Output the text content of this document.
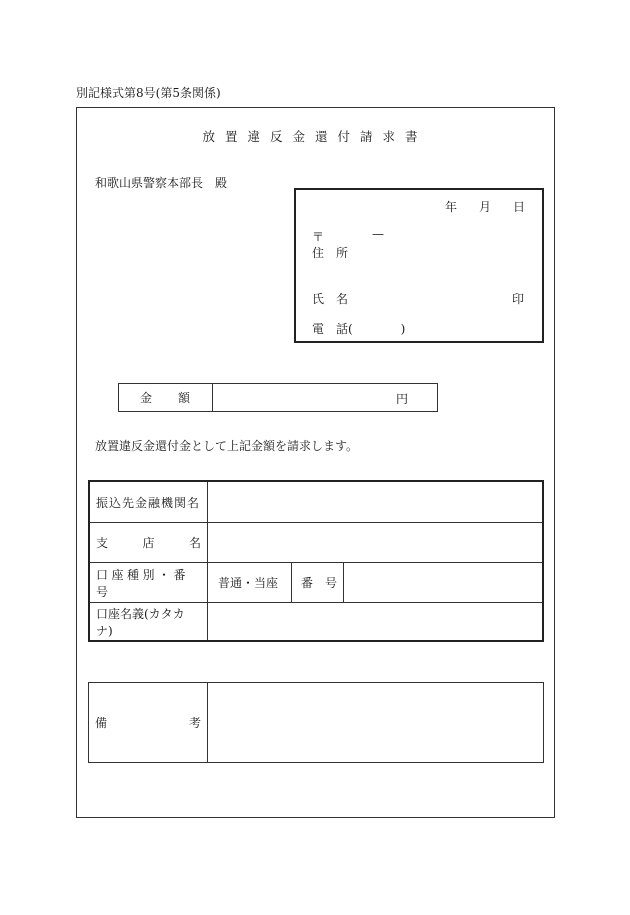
別記様式第8号(第5条関係)
放置違反金還付請求書
和歌山県警察本部長　殿
年 月 日
〒	—
住　所
氏　名	印
電　話(　　　　)
金額	円
放置違反金還付金として上記金額を請求します。
振込先金融機関名
支	店	名
口座種別・番号
普通・当座 番　号
口座名義(カタカナ)
備	考
